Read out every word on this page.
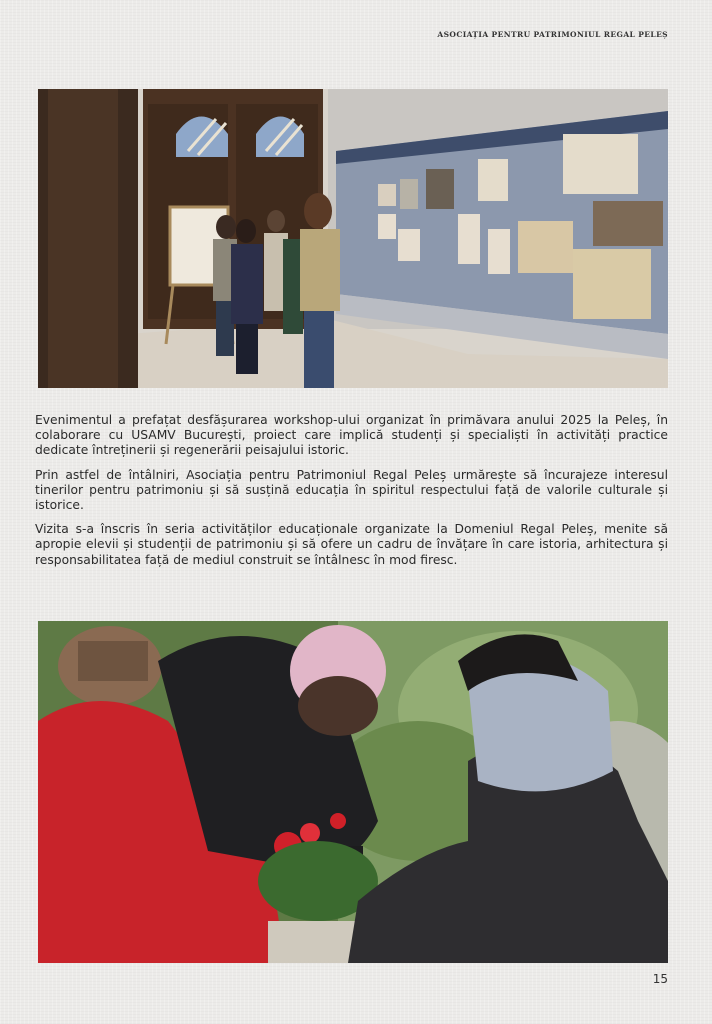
ASOCIAȚIA PENTRU PATRIMONIUL REGAL PELEȘ

Evenimentul a prefațat desfășurarea workshop-ului organizat în primăvara anului 2025 la Peleș, în colaborare cu USAMV București, proiect care implică studenți și specialiști în activități practice dedicate întreținerii și regenerării peisajului istoric.

Prin astfel de întâlniri, Asociația pentru Patrimoniul Regal Peleș urmărește să încurajeze interesul tinerilor pentru patrimoniu și să susțină educația în spiritul respectului față de valorile culturale și istorice.

Vizita s-a înscris în seria activităților educaționale organizate la Domeniul Regal Peleș, menite să apropie elevii și studenții de patrimoniu și să ofere un cadru de învățare în care istoria, arhitectura și responsabilitatea față de mediul construit se întâlnesc în mod firesc.

15
